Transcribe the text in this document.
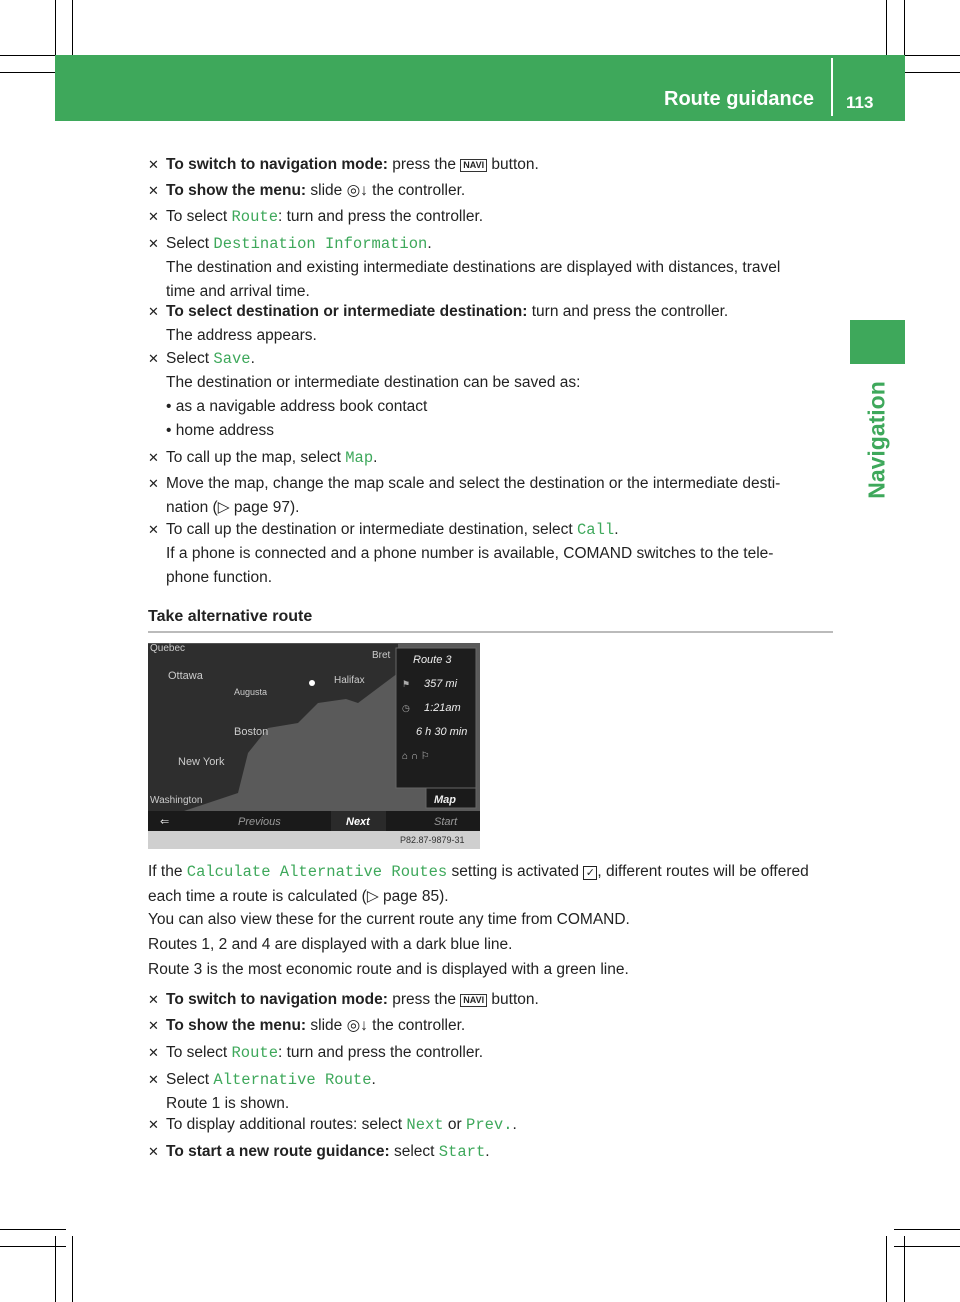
Route guidance 113
Navigation
✕ To switch to navigation mode: press the NAVI button.
✕ To show the menu: slide ◎↓ the controller.
✕ To select Route: turn and press the controller.
✕ Select Destination Information.
The destination and existing intermediate destinations are displayed with distances, travel
time and arrival time.
✕ To select destination or intermediate destination: turn and press the controller.
The address appears.
✕ Select Save.
The destination or intermediate destination can be saved as:
• as a navigable address book contact
• home address
✕ To call up the map, select Map.
✕ Move the map, change the map scale and select the destination or the intermediate desti-
nation (▷ page 97).
✕ To call up the destination or intermediate destination, select Call.
If a phone is connected and a phone number is available, COMAND switches to the tele-
phone function.
Take alternative route
Quebec
Ottawa
Augusta
Halifax
Boston
New York
Washington
Bret Route 3
⚑ 357 mi
◷ 1:21am
6 h 30 min
⌂ ∩ ⚐
Map
⇐	Previous	Next	Start
P82.87-9879-31
If the Calculate Alternative Routes setting is activated ✓ , different routes will be offered
each time a route is calculated (▷ page 85).
You can also view these for the current route any time from COMAND.
Routes 1, 2 and 4 are displayed with a dark blue line.
Route 3 is the most economic route and is displayed with a green line.
✕ To switch to navigation mode: press the NAVI button.
✕ To show the menu: slide ◎↓ the controller.
✕ To select Route: turn and press the controller.
✕ Select Alternative Route.
Route 1 is shown.
✕ To display additional routes: select Next or Prev..
✕ To start a new route guidance: select Start.
